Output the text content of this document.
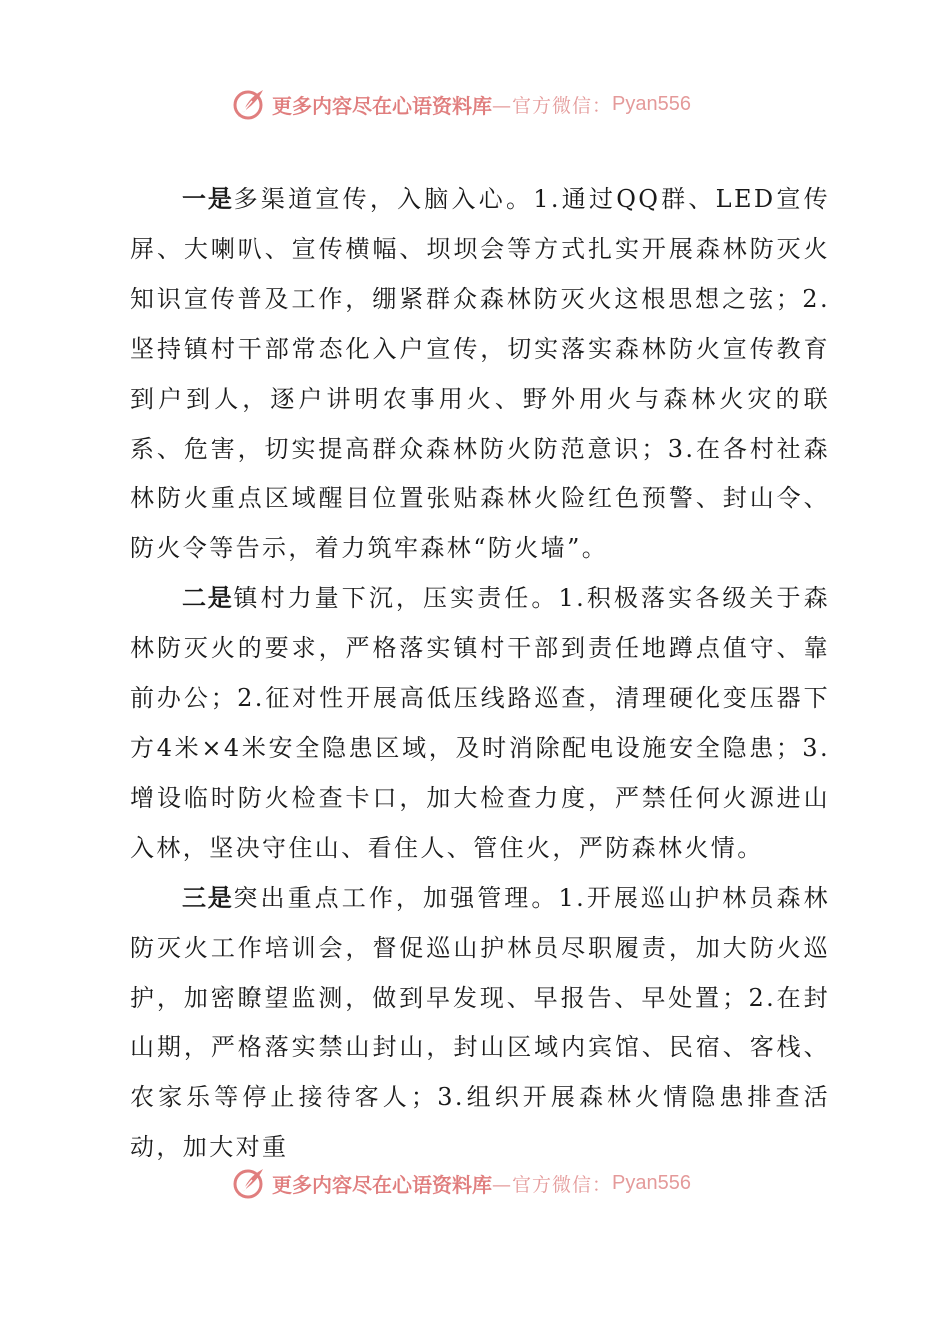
更多内容尽在心语资料库 —官方微信： Pyan556

一是多渠道宣传，入脑入心。1.通过QQ群、LED宣传屏、大喇叭、宣传横幅、坝坝会等方式扎实开展森林防灭火知识宣传普及工作，绷紧群众森林防灭火这根思想之弦；2.坚持镇村干部常态化入户宣传，切实落实森林防火宣传教育到户到人，逐户讲明农事用火、野外用火与森林火灾的联系、危害，切实提高群众森林防火防范意识；3.在各村社森林防火重点区域醒目位置张贴森林火险红色预警、封山令、防火令等告示，着力筑牢森林“防火墙”。

二是镇村力量下沉，压实责任。1.积极落实各级关于森林防灭火的要求，严格落实镇村干部到责任地蹲点值守、靠前办公；2.征对性开展高低压线路巡查，清理硬化变压器下方4米×4米安全隐患区域，及时消除配电设施安全隐患；3.增设临时防火检查卡口，加大检查力度，严禁任何火源进山入林，坚决守住山、看住人、管住火，严防森林火情。

三是突出重点工作，加强管理。1.开展巡山护林员森林防灭火工作培训会，督促巡山护林员尽职履责，加大防火巡护，加密瞭望监测，做到早发现、早报告、早处置；2.在封山期，严格落实禁山封山，封山区域内宾馆、民宿、客栈、农家乐等停止接待客人；3.组织开展森林火情隐患排查活动，加大对重

更多内容尽在心语资料库 —官方微信： Pyan556
